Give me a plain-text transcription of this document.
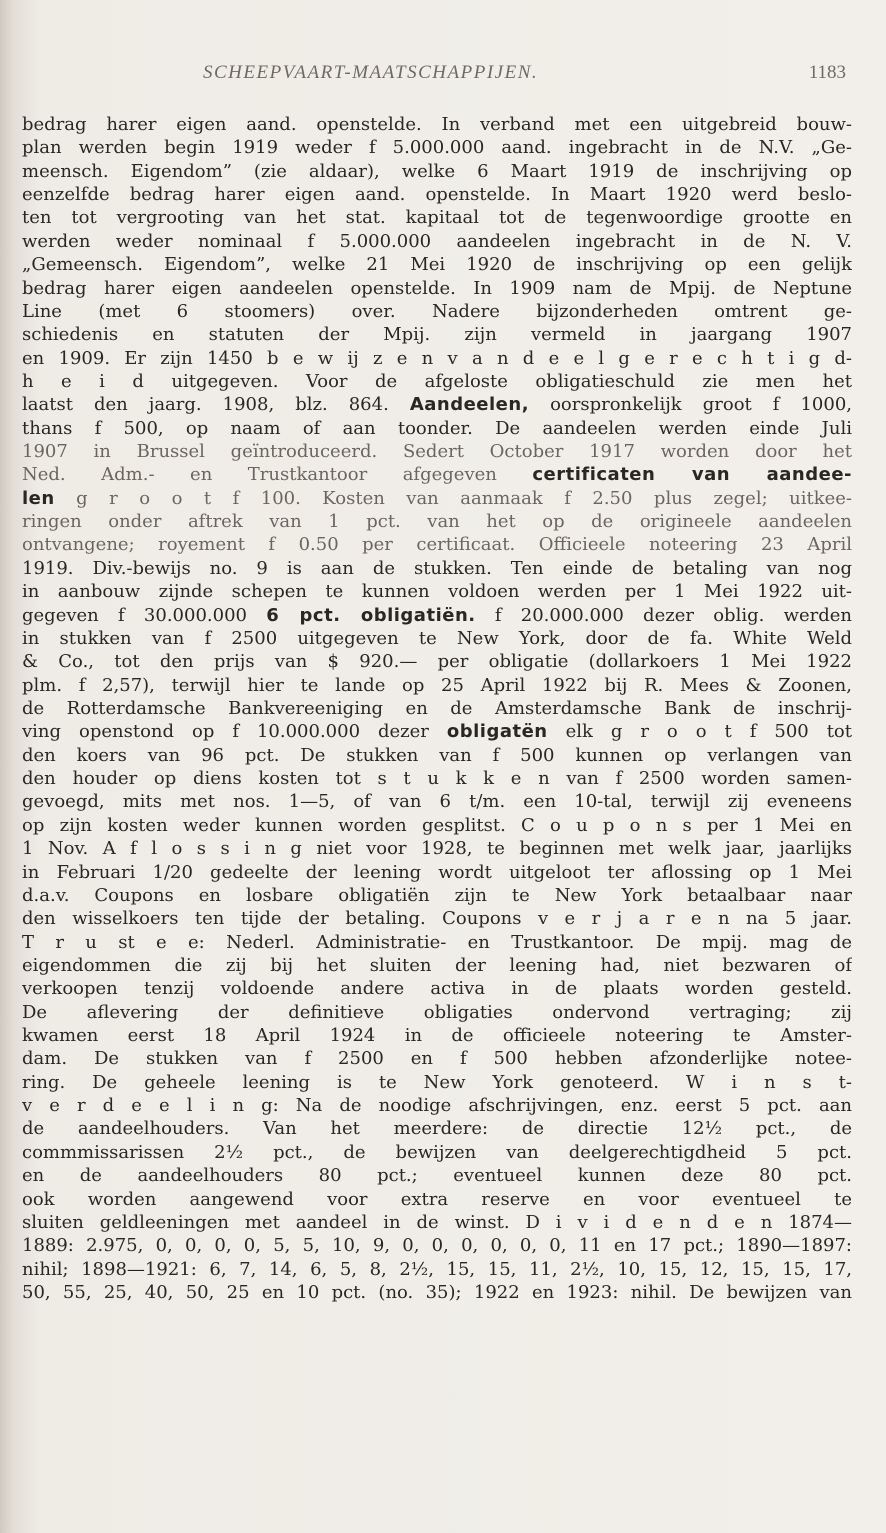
SCHEEPVAART-MAATSCHAPPIJEN.	1183
bedrag harer eigen aand. openstelde. In verband met een uitgebreid bouw-
plan werden begin 1919 weder f 5.000.000 aand. ingebracht in de N.V. „Ge-
meensch. Eigendom” (zie aldaar), welke 6 Maart 1919 de inschrijving op
eenzelfde bedrag harer eigen aand. openstelde. In Maart 1920 werd beslo-
ten tot vergrooting van het stat. kapitaal tot de tegenwoordige grootte en
werden weder nominaal f 5.000.000 aandeelen ingebracht in de N. V.
„Gemeensch. Eigendom”, welke 21 Mei 1920 de inschrijving op een gelijk
bedrag harer eigen aandeelen openstelde. In 1909 nam de Mpij. de Neptune
Line (met 6 stoomers) over. Nadere bijzonderheden omtrent ge-
schiedenis en statuten der Mpij. zijn vermeld in jaargang 1907
en 1909. Er zijn 1450 b e w ij z e n v a n d e e l g e r e c h t i g d-
h e i d uitgegeven. Voor de afgeloste obligatieschuld zie men het
laatst den jaarg. 1908, blz. 864. Aandeelen, oorspronkelijk groot f 1000,
thans f 500, op naam of aan toonder. De aandeelen werden einde Juli
1907 in Brussel geïntroduceerd. Sedert October 1917 worden door het
Ned. Adm.- en Trustkantoor afgegeven certificaten van aandee-
len g r o o t f 100. Kosten van aanmaak f 2.50 plus zegel; uitkee-
ringen onder aftrek van 1 pct. van het op de origineele aandeelen
ontvangene; royement f 0.50 per certificaat. Officieele noteering 23 April
1919. Div.-bewijs no. 9 is aan de stukken. Ten einde de betaling van nog
in aanbouw zijnde schepen te kunnen voldoen werden per 1 Mei 1922 uit-
gegeven f 30.000.000 6 pct. obligatiën. f 20.000.000 dezer oblig. werden
in stukken van f 2500 uitgegeven te New York, door de fa. White Weld
& Co., tot den prijs van $ 920.— per obligatie (dollarkoers 1 Mei 1922
plm. f 2,57), terwijl hier te lande op 25 April 1922 bij R. Mees & Zoonen,
de Rotterdamsche Bankvereeniging en de Amsterdamsche Bank de inschrij-
ving openstond op f 10.000.000 dezer obligatën elk g r o o t f 500 tot
den koers van 96 pct. De stukken van f 500 kunnen op verlangen van
den houder op diens kosten tot s t u k k e n van f 2500 worden samen-
gevoegd, mits met nos. 1—5, of van 6 t/m. een 10-tal, terwijl zij eveneens
op zijn kosten weder kunnen worden gesplitst. C o u p o n s per 1 Mei en
1 Nov. A f l o s s i n g niet voor 1928, te beginnen met welk jaar, jaarlijks
in Februari 1/20 gedeelte der leening wordt uitgeloot ter aflossing op 1 Mei
d.a.v. Coupons en losbare obligatiën zijn te New York betaalbaar naar
den wisselkoers ten tijde der betaling. Coupons v e r j a r e n na 5 jaar.
T r u st e e: Nederl. Administratie- en Trustkantoor. De mpij. mag de
eigendommen die zij bij het sluiten der leening had, niet bezwaren of
verkoopen tenzij voldoende andere activa in de plaats worden gesteld.
De aflevering der definitieve obligaties ondervond vertraging; zij
kwamen eerst 18 April 1924 in de officieele noteering te Amster-
dam. De stukken van f 2500 en f 500 hebben afzonderlijke notee-
ring. De geheele leening is te New York genoteerd. W i n s t-
v e r d e e l i n g: Na de noodige afschrijvingen, enz. eerst 5 pct. aan
de aandeelhouders. Van het meerdere: de directie 12½ pct., de
commmissarissen 2½ pct., de bewijzen van deelgerechtigdheid 5 pct.
en de aandeelhouders 80 pct.; eventueel kunnen deze 80 pct.
ook worden aangewend voor extra reserve en voor eventueel te
sluiten geldleeningen met aandeel in de winst. D i v i d e n d e n 1874—
1889: 2.975, 0, 0, 0, 0, 5, 5, 10, 9, 0, 0, 0, 0, 0, 0, 11 en 17 pct.; 1890—1897:
nihil; 1898—1921: 6, 7, 14, 6, 5, 8, 2½, 15, 15, 11, 2½, 10, 15, 12, 15, 15, 17,
50, 55, 25, 40, 50, 25 en 10 pct. (no. 35); 1922 en 1923: nihil. De bewijzen van
